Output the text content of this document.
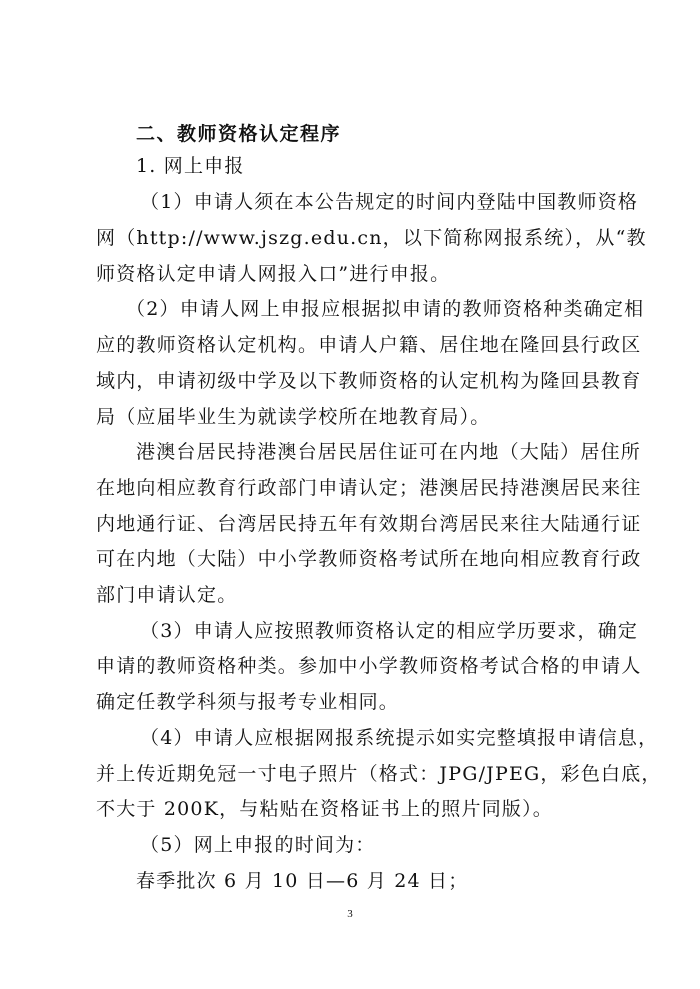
二、教师资格认定程序
1. 网上申报
（1）申请人须在本公告规定的时间内登陆中国教师资格
网（http://www.jszg.edu.cn，以下简称网报系统），从“教
师资格认定申请人网报入口”进行申报。
（2）申请人网上申报应根据拟申请的教师资格种类确定相
应的教师资格认定机构。申请人户籍、居住地在隆回县行政区
域内，申请初级中学及以下教师资格的认定机构为隆回县教育
局（应届毕业生为就读学校所在地教育局）。
港澳台居民持港澳台居民居住证可在内地（大陆）居住所
在地向相应教育行政部门申请认定；港澳居民持港澳居民来往
内地通行证、台湾居民持五年有效期台湾居民来往大陆通行证
可在内地（大陆）中小学教师资格考试所在地向相应教育行政
部门申请认定。
（3）申请人应按照教师资格认定的相应学历要求，确定
申请的教师资格种类。参加中小学教师资格考试合格的申请人
确定任教学科须与报考专业相同。
（4）申请人应根据网报系统提示如实完整填报申请信息，
并上传近期免冠一寸电子照片（格式：JPG/JPEG，彩色白底，
不大于 200K，与粘贴在资格证书上的照片同版）。
（5）网上申报的时间为：
春季批次 6 月 10 日—6 月 24 日；
3
